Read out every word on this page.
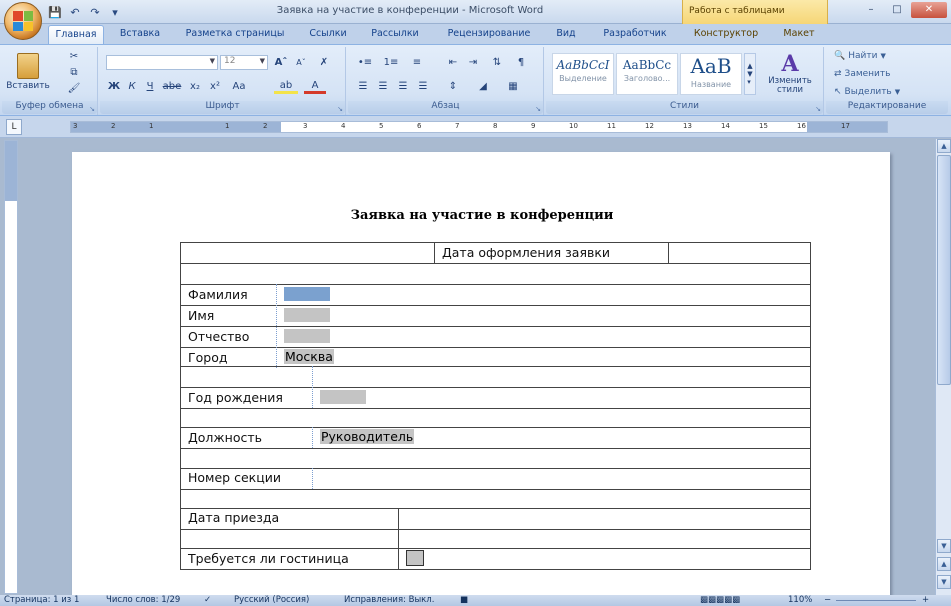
💾 ↶ ↷	▾	Заявка на участие в конференции - Microsoft Word	Работа с таблицами	–	□	✕
Главная	Вставка	Разметка страницы	Ссылки	Рассылки	Рецензирование	Вид	Разработчик	Конструктор	Макет
Вставить
✂
⧉
🖌
Буфер обмена ↘
▼	12	▼ Aˆ	Aˇ	✗
Ж К	Ч abe x₂	x²	Aa	ab	A
Шрифт	↘
•≡	1≡	≡	⇤	⇥	⇅	¶
☰	☰	☰	☰	⇕	◢	▦
Абзац	↘
AaBbCcI
Выделение
AaBbCc
Заголово...
AaB
Название
▲
▼
▾
A
Изменить стили
Стили	↘
🔍 Найти ▼
⇄ Заменить
↖ Выделить ▼
Редактирование
L	3	2	1	1	2	3	4	5	6	7	8	9	10	11	12	13	14	15	16	17
Заявка на участие в конференции
Дата оформления заявки
Фамилия
Имя
Отчество
Город	Москва
Год рождения
Должность	Руководитель
Номер секции
Дата приезда
Требуется ли гостиница
▲
▼
▲
▼
Страница: 1 из 1	Число слов: 1/29	✓	Русский (Россия)	Исправления: Выкл.	■	▩▩▩▩▩	110% −	+
